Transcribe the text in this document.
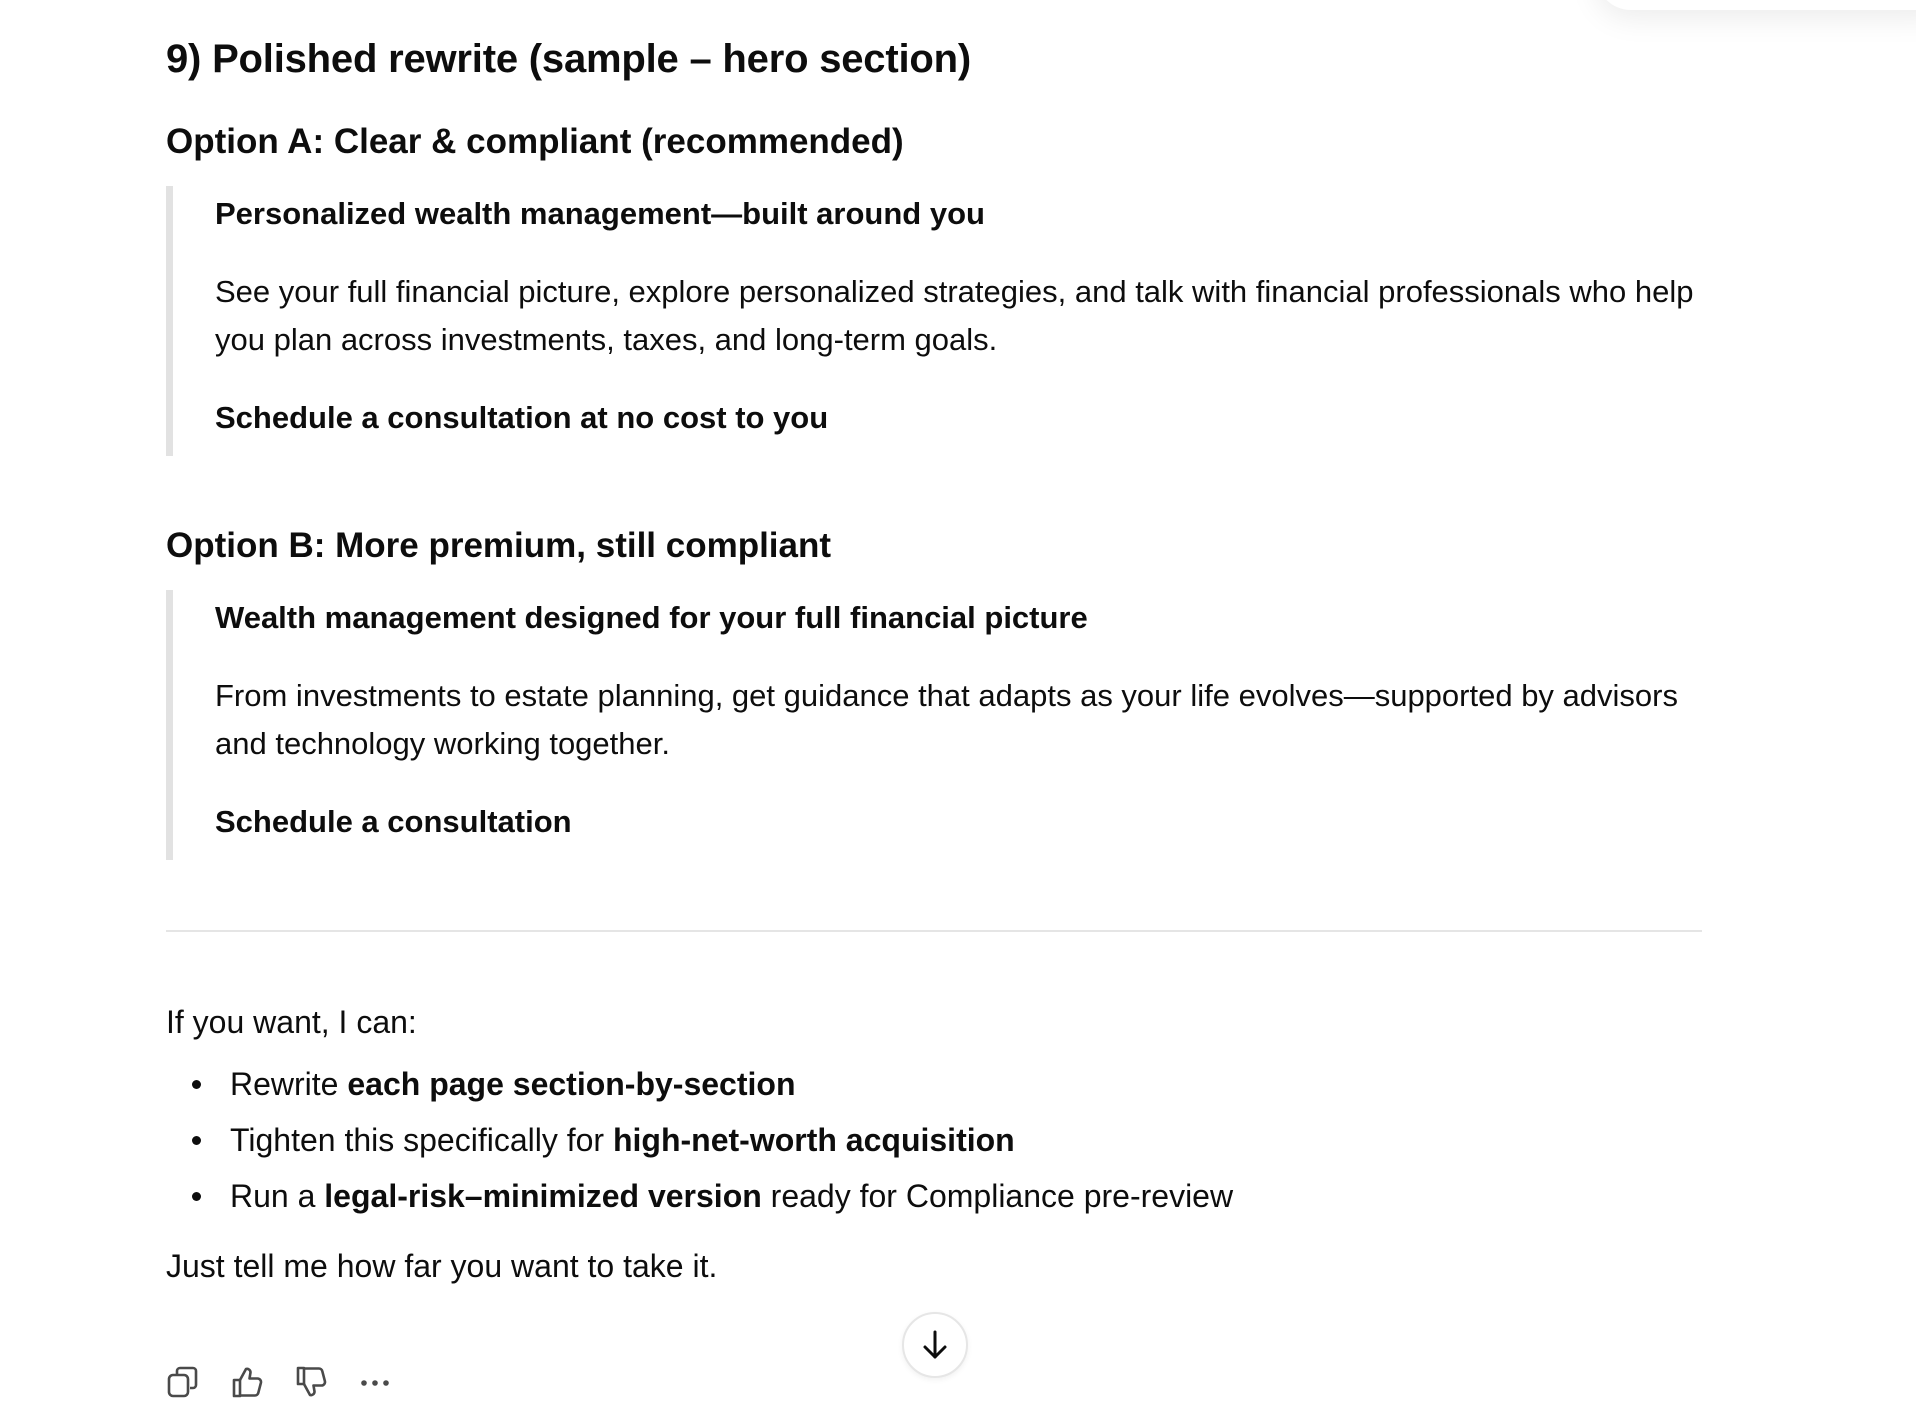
9) Polished rewrite (sample – hero section)
Option A: Clear & compliant (recommended)

Personalized wealth management—built around you

See your full financial picture, explore personalized strategies, and talk with financial professionals who help you plan across investments, taxes, and long-term goals.

Schedule a consultation at no cost to you

Option B: More premium, still compliant

Wealth management designed for your full financial picture

From investments to estate planning, get guidance that adapts as your life evolves—supported by advisors and technology working together.

Schedule a consultation

If you want, I can:

Rewrite each page section-by-section
Tighten this specifically for high-net-worth acquisition
Run a legal-risk–minimized version ready for Compliance pre-review

Just tell me how far you want to take it.
